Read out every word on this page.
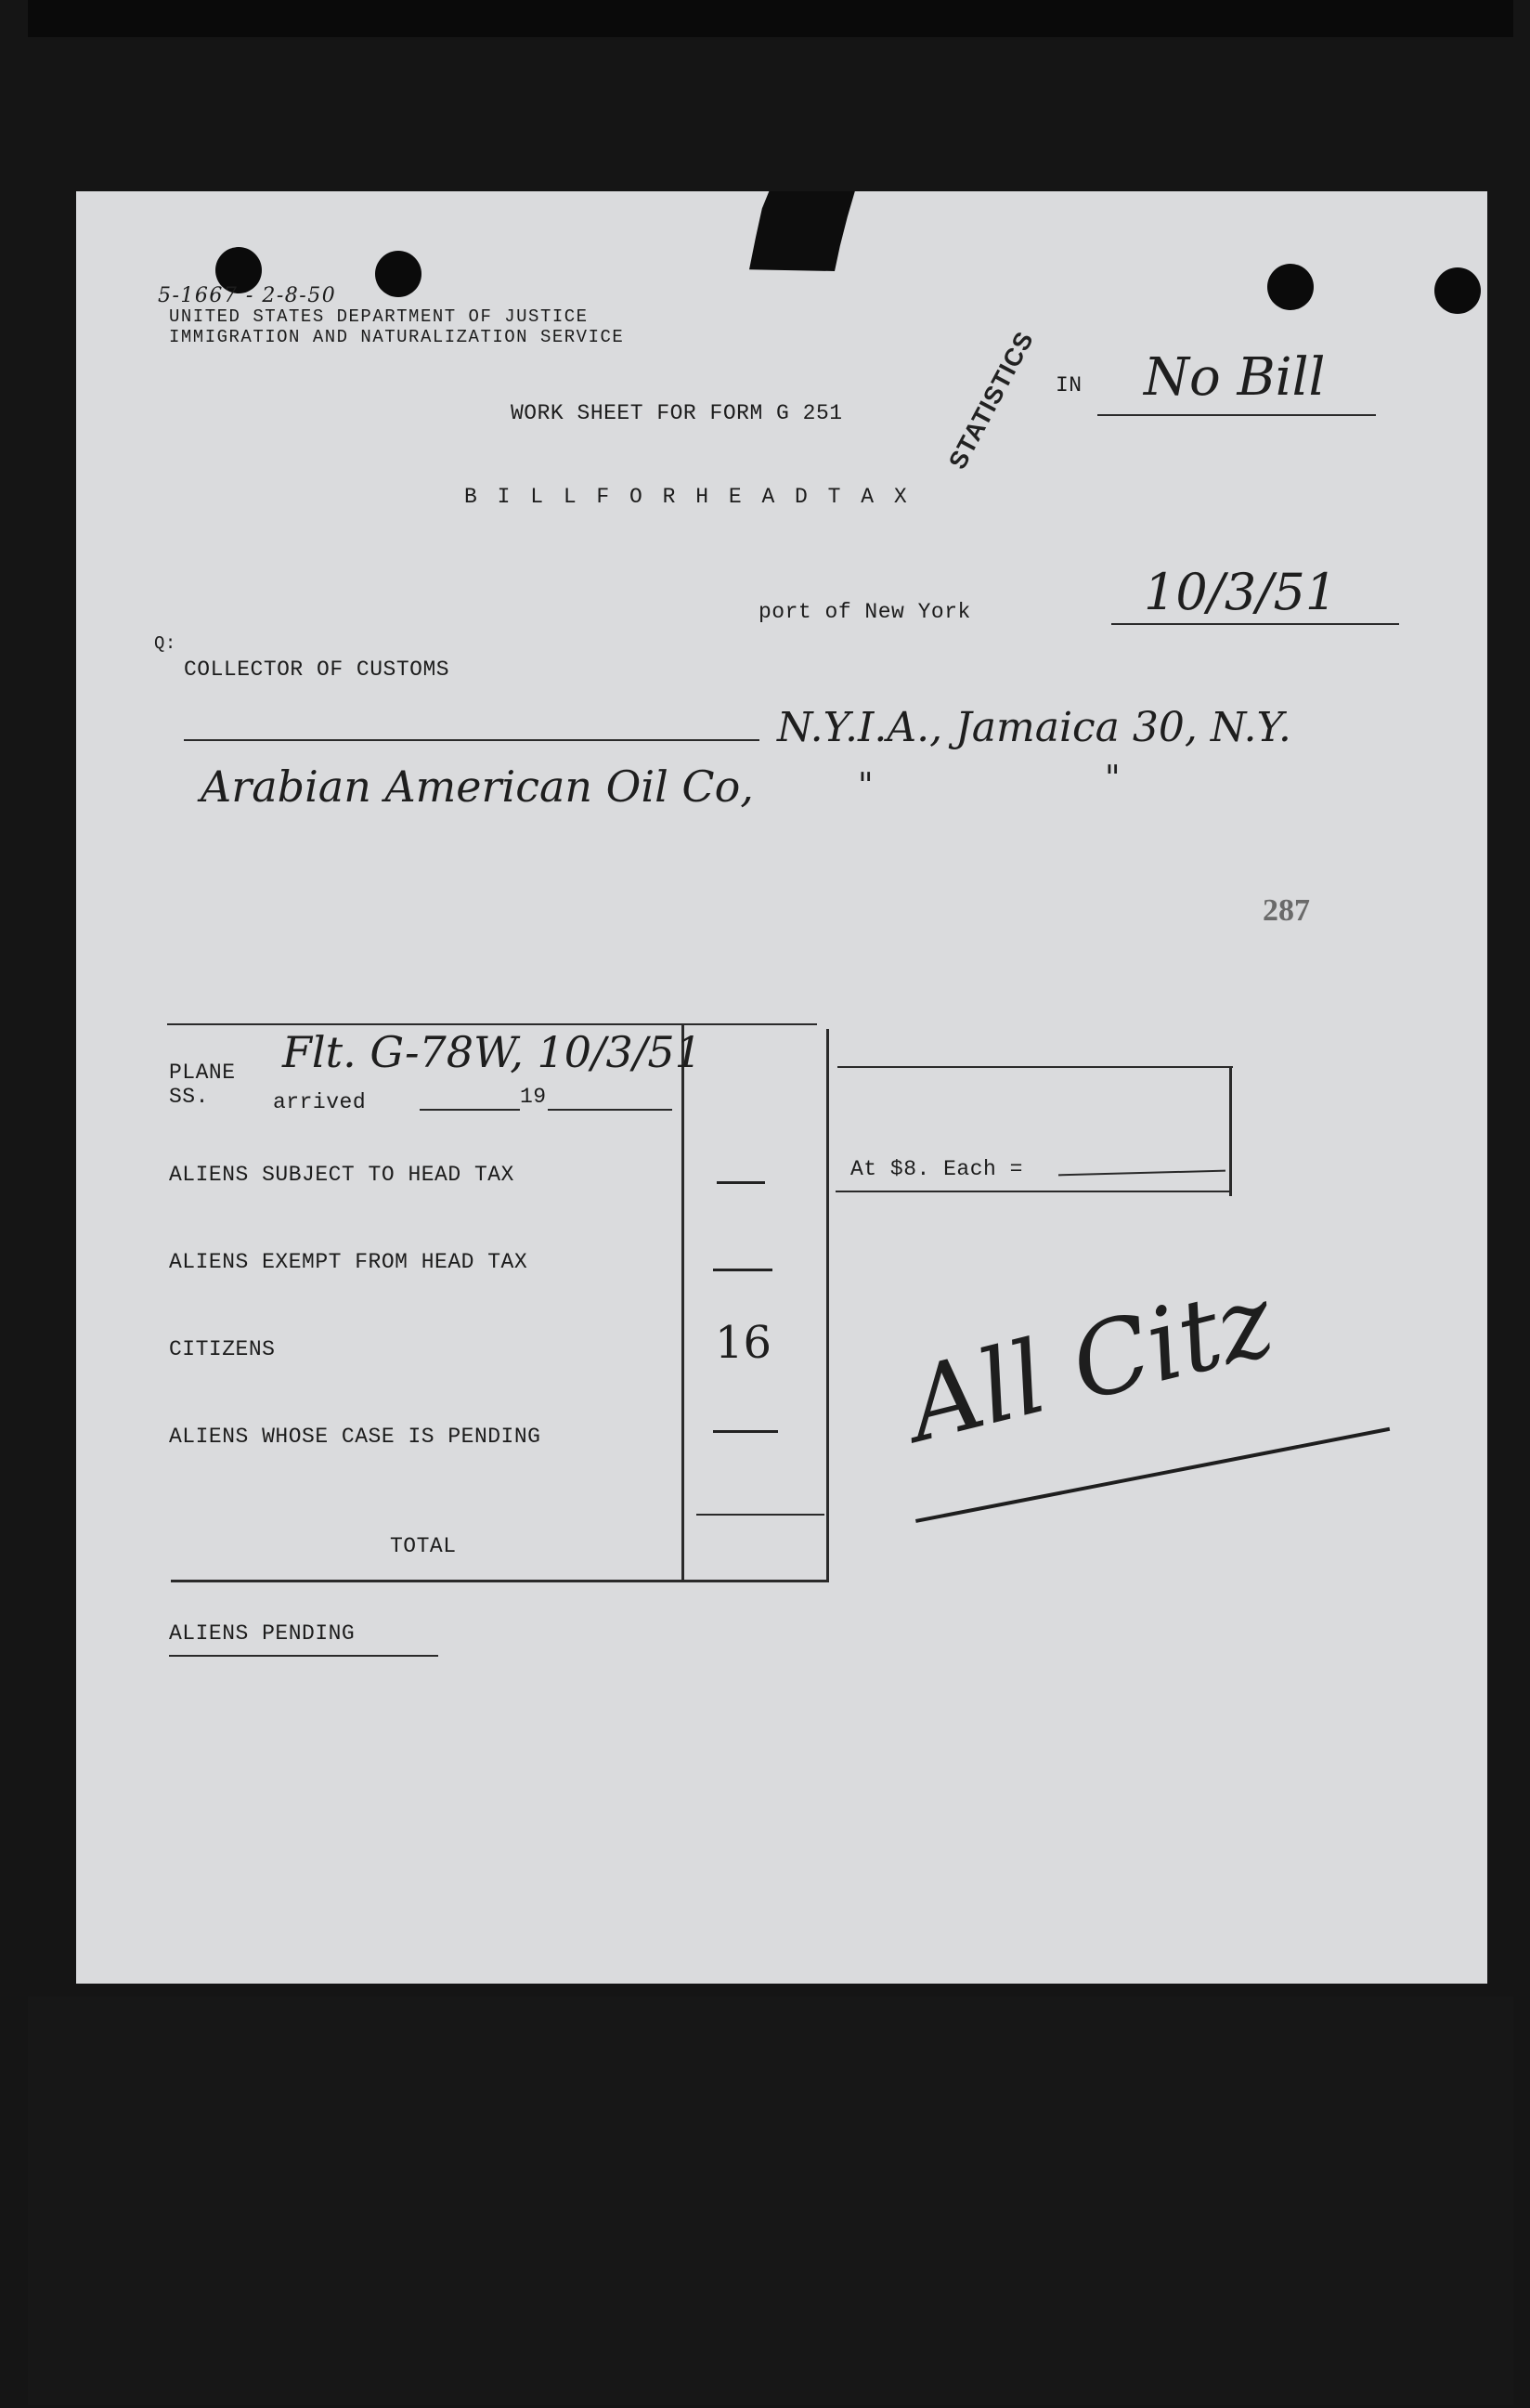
5-1667 - 2-8-50
UNITED STATES DEPARTMENT OF JUSTICE
IMMIGRATION AND NATURALIZATION SERVICE	STATISTICS IN No Bill
WORK SHEET FOR FORM G 251
B I L L F O R H E A D T A X
port of New York	10/3/51
Q:
COLLECTOR OF CUSTOMS
N.Y.I.A., Jamaica 30, N.Y.
Arabian American Oil Co,	"	"
287
PLANE
SS.	arrived	19
Flt. G-78W, 10/3/51
ALIENS SUBJECT TO HEAD TAX
ALIENS EXEMPT FROM HEAD TAX
CITIZENS	16
ALIENS WHOSE CASE IS PENDING
TOTAL
At $8. Each =
ALIENS PENDING
All Citz
